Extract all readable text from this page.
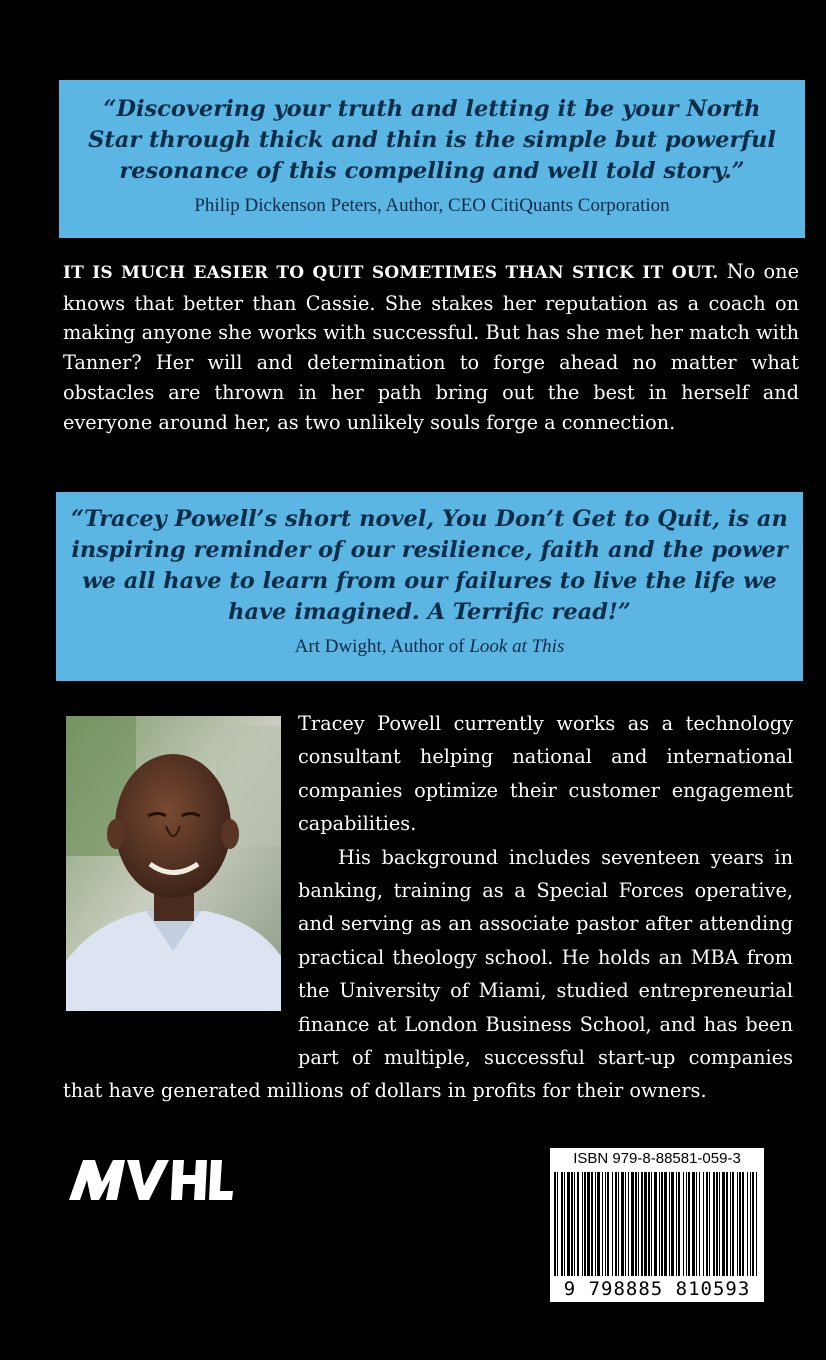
“Discovering your truth and letting it be your North Star through thick and thin is the simple but powerful resonance of this compelling and well told story.”
Philip Dickenson Peters, Author, CEO CitiQuants Corporation
IT IS MUCH EASIER TO QUIT SOMETIMES THAN STICK IT OUT. No one knows that better than Cassie. She stakes her reputation as a coach on making anyone she works with successful. But has she met her match with Tanner? Her will and determination to forge ahead no matter what obstacles are thrown in her path bring out the best in herself and everyone around her, as two unlikely souls forge a connection.
“Tracey Powell’s short novel, You Don’t Get to Quit, is an inspiring reminder of our resilience, faith and the power we all have to learn from our failures to live the life we have imagined. A Terrific read!”
Art Dwight, Author of Look at This

Tracey Powell currently works as a technology consultant helping national and international companies optimize their customer engagement capabilities.

His background includes seventeen years in banking, training as a Special Forces operative, and serving as an associate pastor after attending practical theology school. He holds an MBA from the University of Miami, studied entrepreneurial finance at London Business School, and has been part of multiple, successful start-up companies that have generated millions of dollars in profits for their owners.

ISBN 979-8-88581-059-3
9 798885 810593
